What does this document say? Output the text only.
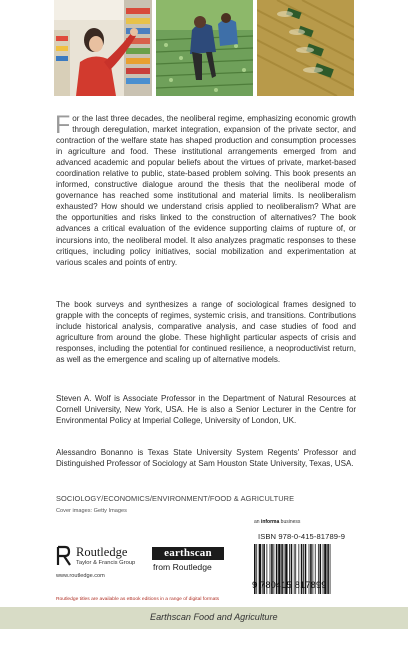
For the last three decades, the neoliberal regime, emphasizing economic growth through deregulation, market integration, expansion of the private sector, and contraction of the welfare state has shaped production and consumption processes in agriculture and food. These institutional arrangements emerged from and advanced academic and popular beliefs about the virtues of private, market-based coordination relative to public, state-based problem solving. This book presents an informed, constructive dialogue around the thesis that the neoliberal mode of governance has reached some institutional and material limits. Is neoliberalism exhausted? How should we understand crisis applied to neoliberalism? What are the opportunities and risks linked to the construction of alternatives? The book advances a critical evaluation of the evidence supporting claims of rupture of, or incursions into, the neoliberal model. It also analyzes pragmatic responses to these critiques, including policy initiatives, social mobilization and experimentation at various scales and points of entry.

The book surveys and synthesizes a range of sociological frames designed to grapple with the concepts of regimes, systemic crisis, and transitions. Contributions include historical analysis, comparative analysis, and case studies of food and agriculture from around the globe. These highlight particular aspects of crisis and responses, including the potential for continued resilience, a neoproductivist return, as well as the emergence and scaling up of alternative models.

Steven A. Wolf is Associate Professor in the Department of Natural Resources at Cornell University, New York, USA. He is also a Senior Lecturer in the Centre for Environmental Policy at Imperial College, University of London, UK.

Alessandro Bonanno is Texas State University System Regents' Professor and Distinguished Professor of Sociology at Sam Houston State University, Texas, USA.

SOCIOLOGY/ECONOMICS/ENVIRONMENT/FOOD & AGRICULTURE
Cover images: Getty Images
Routledge
Taylor & Francis Group
www.routledge.com
earthscan
from Routledge
an informa business
ISBN 978-0-415-81789-9
9 780415 817899
Routledge titles are available as eBook editions in a range of digital formats
Earthscan Food and Agriculture
